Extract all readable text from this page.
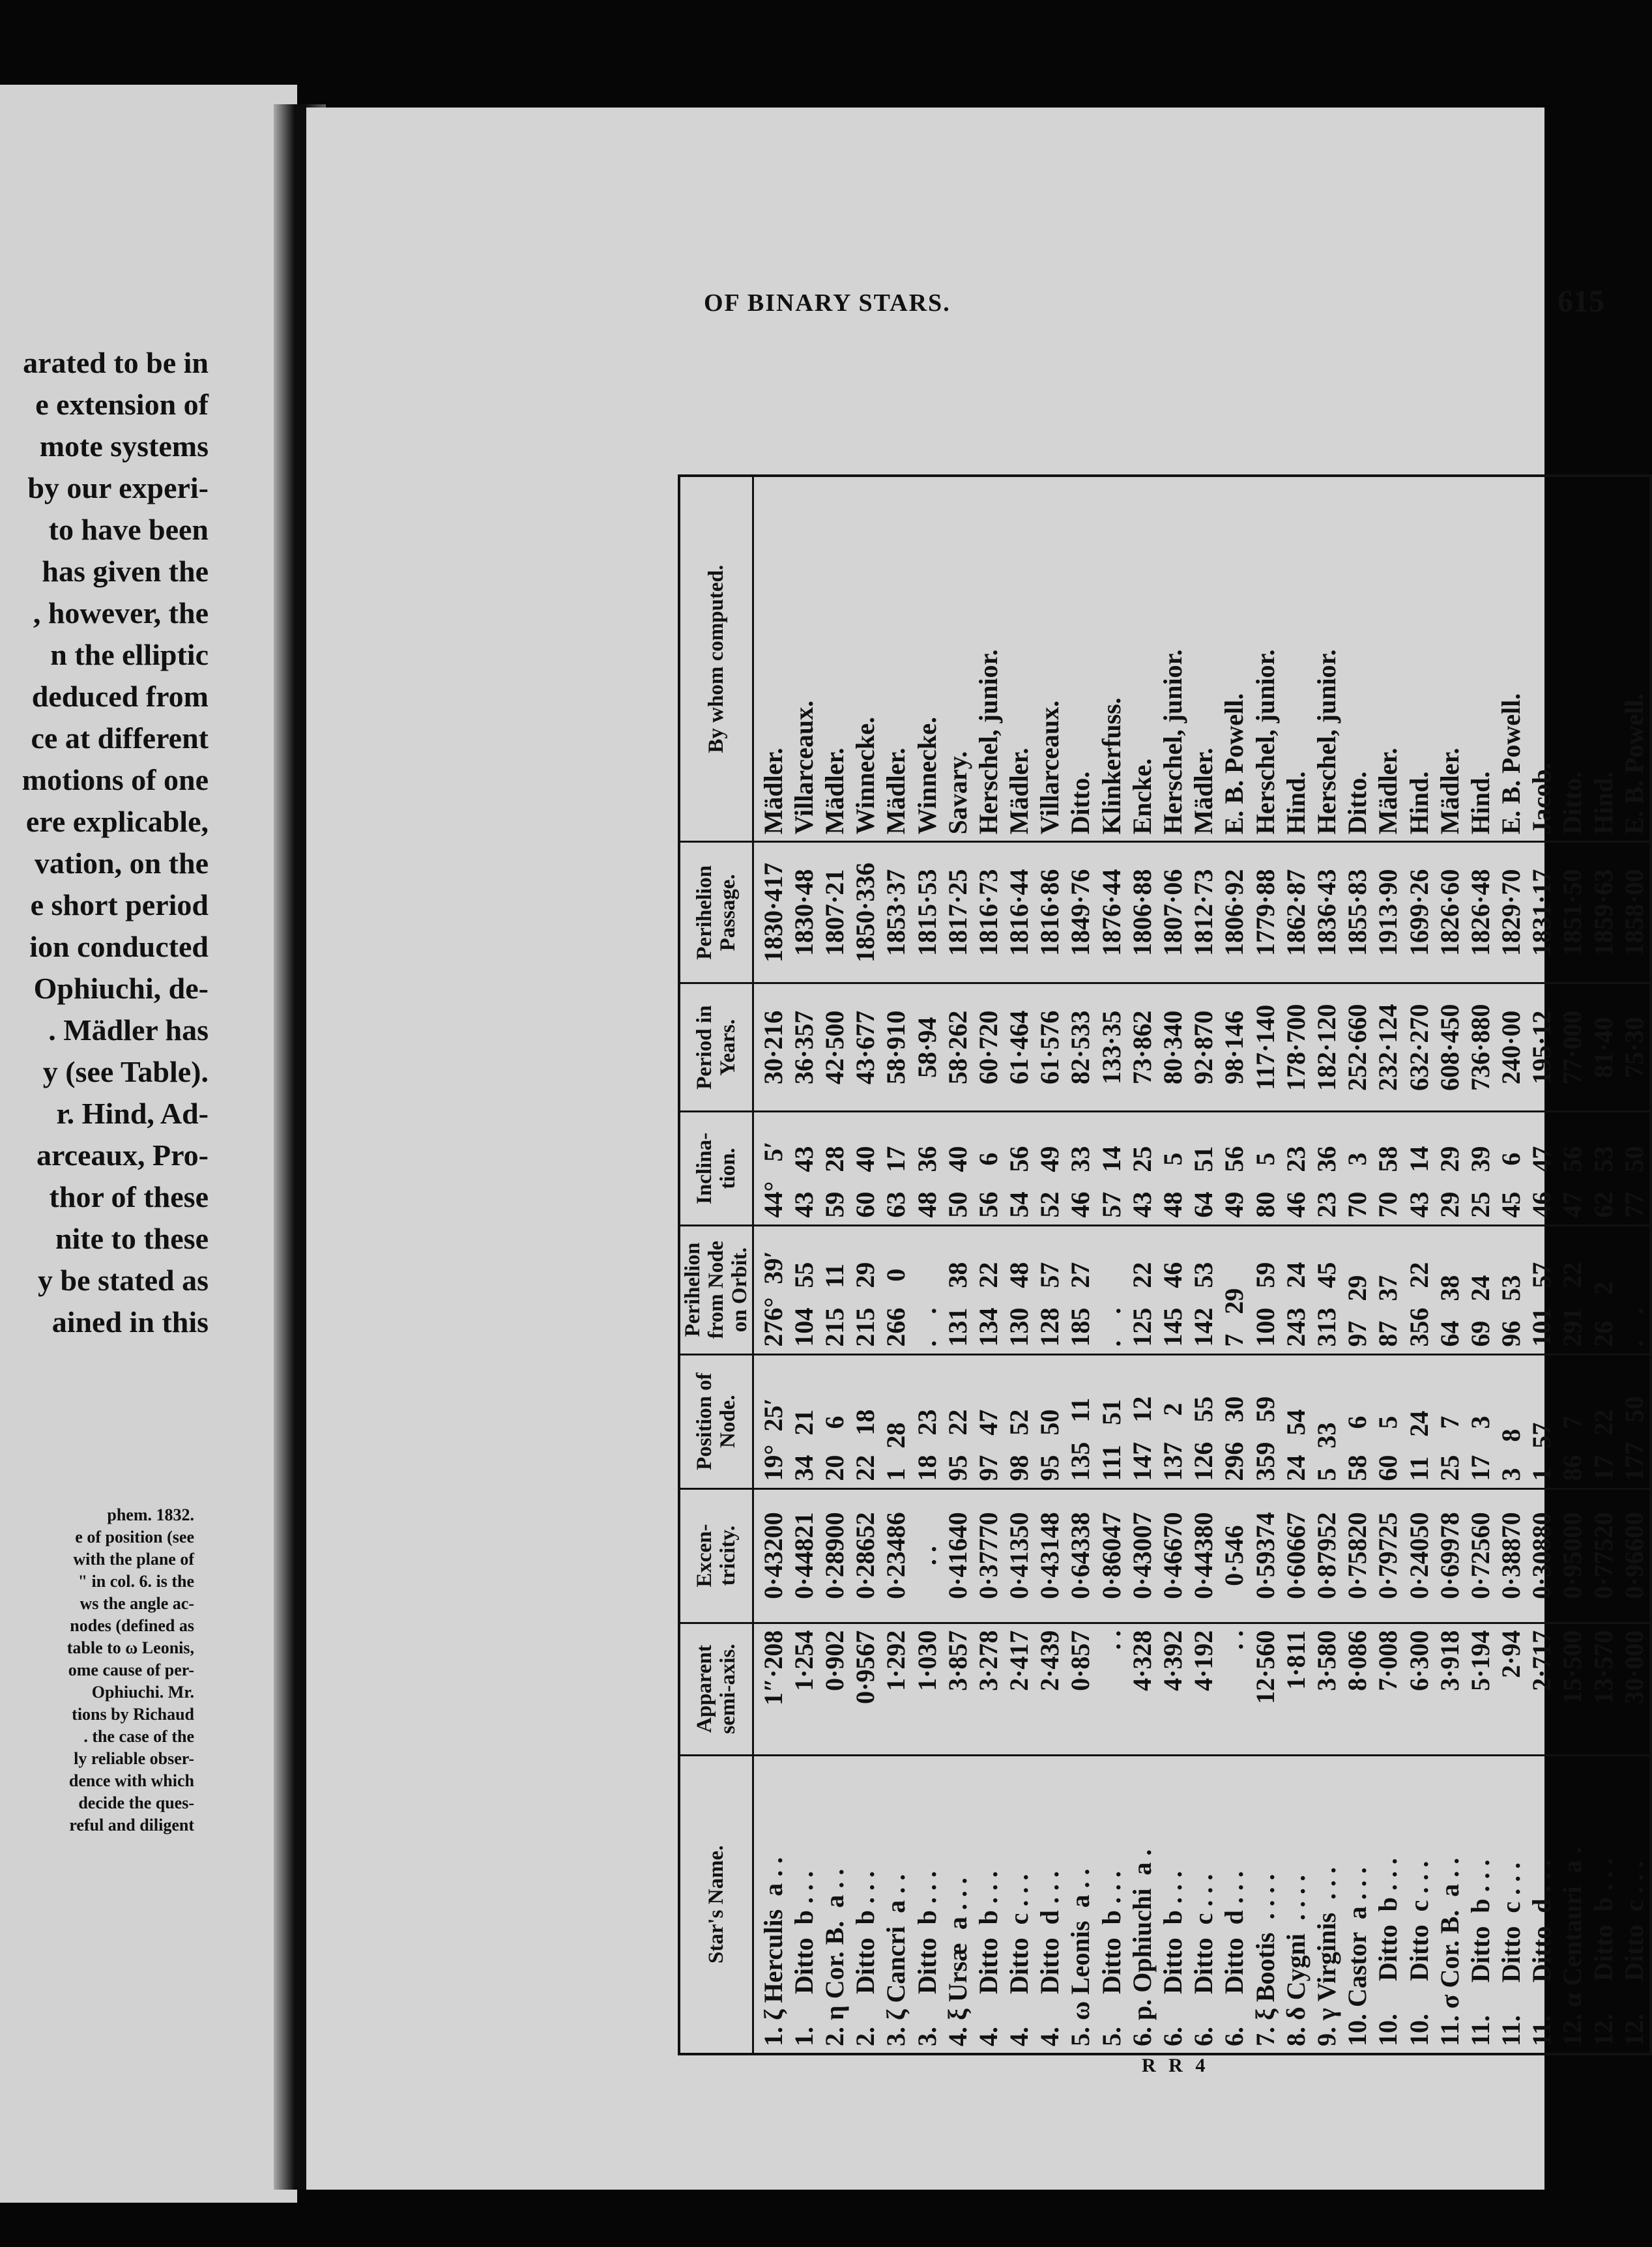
arated to be in
e extension of
mote systems
by our experi-
to have been
has given the
, however, the
n the elliptic
deduced from
ce at different
motions of one
ere explicable,
vation, on the
e short period
ion conducted
Ophiuchi, de-
. Mädler has
y (see Table).
r. Hind, Ad-
arceaux, Pro-
thor of these
nite to these
y be stated as
ained in this
phem. 1832.
e of position (see
with the plane of
" in col. 6. is the
ws the angle ac-
nodes (defined as
table to ω Leonis,
ome cause of per-
Ophiuchi. Mr.
tions by Richaud
. the case of the
ly reliable obser-
dence with which
decide the ques-
reful and diligent
OF BINARY STARS.	615
Star's Name.	1. ζ Herculis  a . . 1.     Ditto  b . . . 2. η Cor. B.  a . . 2.     Ditto  b . . . 3. ζ Cancri  a . . 3.     Ditto  b . . . 4. ξ Ursæ  a . . . 4.     Ditto  b . . . 4.     Ditto  c . . . 4.     Ditto  d . . . 5. ω Leonis  a . . 5.     Ditto  b . . . 6. p. Ophiuchi  a . 6.     Ditto  b . . . 6.     Ditto  c . . . 6.     Ditto  d . . . 7. ξ Bootis  . . . . 8. δ Cygni  . . . . 9. γ Virginis  . . . 10. Castor  a . . . 10.     Ditto  b . . . 10.     Ditto  c . . . 11. σ Cor. B.  a . . 11.     Ditto  b . . . 11.     Ditto  c . . . 11.     Ditto  d . . . 12. α Centauri  a . 12.     Ditto  b . . . 12.     Ditto  c . . .
Apparent semi-axis. 1″·208 1·254 0·902 0·9567 1·292 1·030 3·857 3·278 2·417 2·439 0·857 . . 4·328 4·392 4·192 . . 12·560 1·811 3·580 8·086 7·008 6·300 3·918 5·194 2·94 2·717 15·500 13·570 30·000
Excen- tricity. 0·43200 0·44821 0·28900 0·28652 0·23486 . . 0·41640 0·37770 0·41350 0·43148 0·64338 0·86047 0·43007 0·46670 0·44380 0·546 0·59374 0·60667 0·87952 0·75820 0·79725 0·24050 0·69978 0·72560 0·38870 0·30880 0·95000 0·77520 0·96600
Position of Node. 19°  25′ 34   21 20    6 22   18 1   28 18   23 95   22 97   47 98   52 95   50 135   11 111   51 147   12 137    2 126   55 296   30 359   59 24   54 5   33 58    6 60    5 11   24 25    7 17    3 3    8 1   57 86    7 17   22 177   50
Perihelion from Node on Orbit. 276°  39′ 104   55 215   11 215   29 266    0 .    . 131   38 134   22 130   48 128   57 185   27 .    . 125   22 145   46 142   53 7   29 100   59 243   24 313   45 97   29 87   37 356   22 64   38 69   24 96   53 101   57 291   22 26    2 .    .
Inclina- tion. 44°   5′ 43   43 59   28 60   40 63   17 48   36 50   40 56    6 54   56 52   49 46   33 57   14 43   25 48    5 64   51 49   56 80    5 46   23 23   36 70    3 70   58 43   14 29   29 25   39 45    6 46   47 47   56 62   53 77   50
Period in Years. 30·216 36·357 42·500 43·677 58·910 58·94 58·262 60·720 61·464 61·576 82·533 133·35 73·862 80·340 92·870 98·146 117·140 178·700 182·120 252·660 232·124 632·270 608·450 736·880 240·00 195·12 77·000 81·40 75·30
Perihelion Passage. 1830·417 1830·48 1807·21 1850·336 1853·37 1815·53 1817·25 1816·73 1816·44 1816·86 1849·76 1876·44 1806·88 1807·06 1812·73 1806·92 1779·88 1862·87 1836·43 1855·83 1913·90 1699·26 1826·60 1826·48 1829·70 1831·17 1851·50 1859·63 1858·00
By whom computed.
Mädler. Villarceaux. Mädler. Winnecke. Mädler. Winnecke. Savary. Herschel, junior. Mädler. Villarceaux. Ditto. Klinkerfuss. Encke. Herschel, junior. Mädler. E. B. Powell. Herschel, junior. Hind. Herschel, junior. Ditto. Mädler. Hind. Mädler. Hind. E. B. Powell. Jacob. Ditto. Hind. E. B. Powell.
R R 4
